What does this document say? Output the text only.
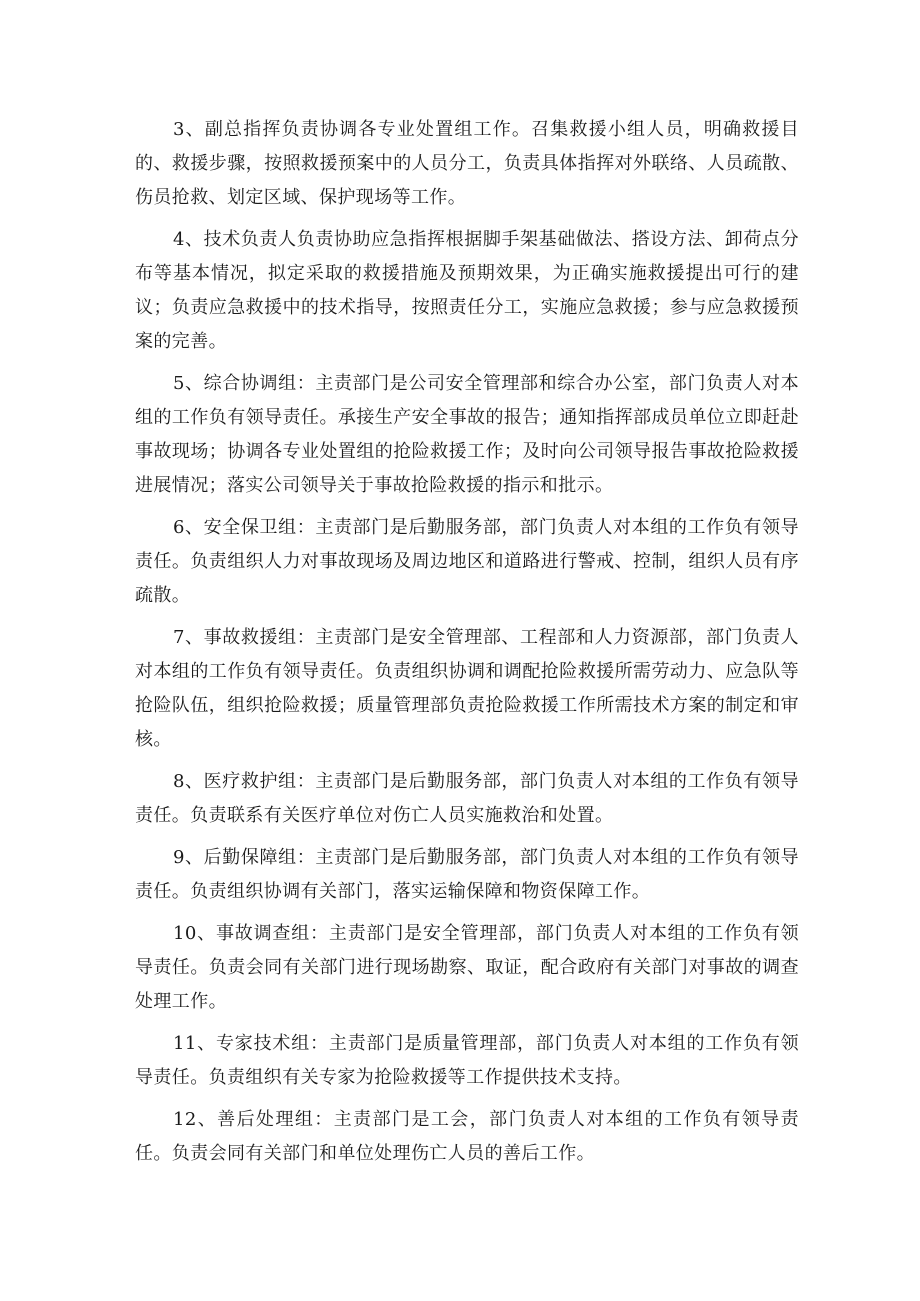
3、副总指挥负责协调各专业处置组工作。召集救援小组人员，明确救援目的、救援步骤，按照救援预案中的人员分工，负责具体指挥对外联络、人员疏散、伤员抢救、划定区域、保护现场等工作。

4、技术负责人负责协助应急指挥根据脚手架基础做法、搭设方法、卸荷点分布等基本情况，拟定采取的救援措施及预期效果，为正确实施救援提出可行的建议；负责应急救援中的技术指导，按照责任分工，实施应急救援；参与应急救援预案的完善。

5、综合协调组：主责部门是公司安全管理部和综合办公室，部门负责人对本组的工作负有领导责任。承接生产安全事故的报告；通知指挥部成员单位立即赶赴事故现场；协调各专业处置组的抢险救援工作；及时向公司领导报告事故抢险救援进展情况；落实公司领导关于事故抢险救援的指示和批示。

6、安全保卫组：主责部门是后勤服务部，部门负责人对本组的工作负有领导责任。负责组织人力对事故现场及周边地区和道路进行警戒、控制，组织人员有序疏散。

7、事故救援组：主责部门是安全管理部、工程部和人力资源部，部门负责人对本组的工作负有领导责任。负责组织协调和调配抢险救援所需劳动力、应急队等抢险队伍，组织抢险救援；质量管理部负责抢险救援工作所需技术方案的制定和审核。

8、医疗救护组：主责部门是后勤服务部，部门负责人对本组的工作负有领导责任。负责联系有关医疗单位对伤亡人员实施救治和处置。

9、后勤保障组：主责部门是后勤服务部，部门负责人对本组的工作负有领导责任。负责组织协调有关部门，落实运输保障和物资保障工作。

10、事故调查组：主责部门是安全管理部，部门负责人对本组的工作负有领导责任。负责会同有关部门进行现场勘察、取证，配合政府有关部门对事故的调查处理工作。

11、专家技术组：主责部门是质量管理部，部门负责人对本组的工作负有领导责任。负责组织有关专家为抢险救援等工作提供技术支持。

12、善后处理组：主责部门是工会，部门负责人对本组的工作负有领导责任。负责会同有关部门和单位处理伤亡人员的善后工作。
